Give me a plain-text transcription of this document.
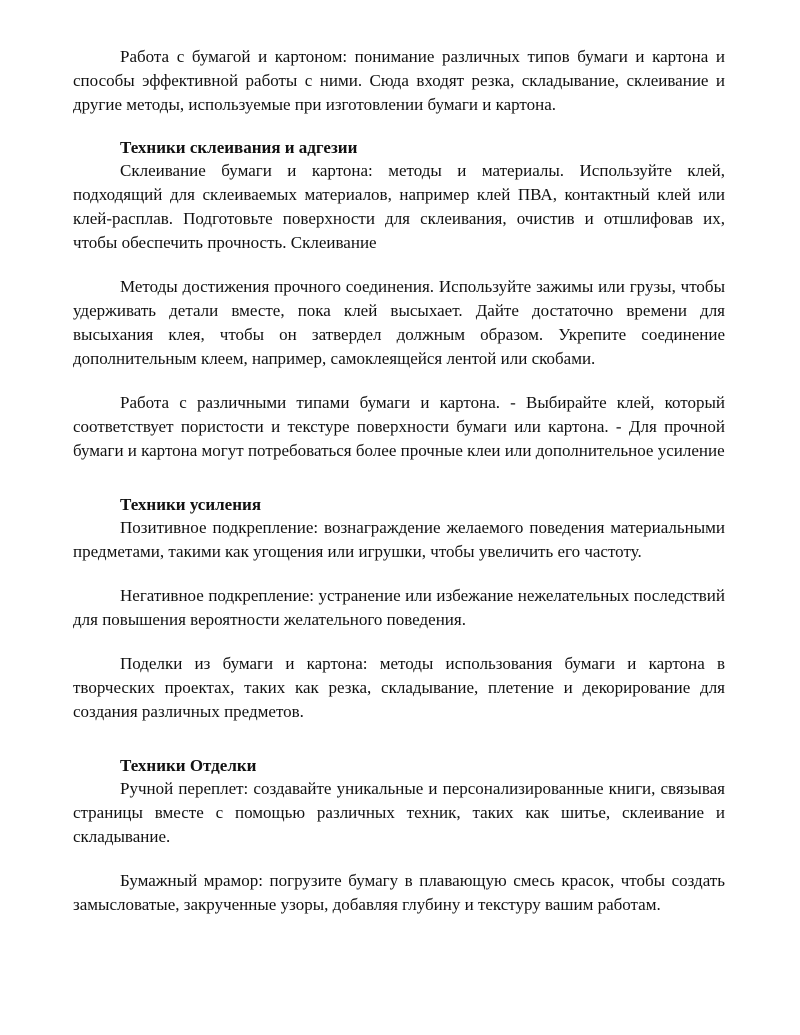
Работа с бумагой и картоном: понимание различных типов бумаги и картона и способы эффективной работы с ними. Сюда входят резка, складывание, склеивание и другие методы, используемые при изготовлении бумаги и картона.

Техники склеивания и адгезии

Склеивание бумаги и картона: методы и материалы. Используйте клей, подходящий для склеиваемых материалов, например клей ПВА, контактный клей или клей-расплав. Подготовьте поверхности для склеивания, очистив и отшлифовав их, чтобы обеспечить прочность. Склеивание

Методы достижения прочного соединения. Используйте зажимы или грузы, чтобы удерживать детали вместе, пока клей высыхает. Дайте достаточно времени для высыхания клея, чтобы он затвердел должным образом. Укрепите соединение дополнительным клеем, например, самоклеящейся лентой или скобами.

Работа с различными типами бумаги и картона. - Выбирайте клей, который соответствует пористости и текстуре поверхности бумаги или картона. - Для прочной бумаги и картона могут потребоваться более прочные клеи или дополнительное усиление

Техники усиления

Позитивное подкрепление: вознаграждение желаемого поведения материальными предметами, такими как угощения или игрушки, чтобы увеличить его частоту.

Негативное подкрепление: устранение или избежание нежелательных последствий для повышения вероятности желательного поведения.

Поделки из бумаги и картона: методы использования бумаги и картона в творческих проектах, таких как резка, складывание, плетение и декорирование для создания различных предметов.

Техники Отделки

Ручной переплет: создавайте уникальные и персонализированные книги, связывая страницы вместе с помощью различных техник, таких как шитье, склеивание и складывание.

Бумажный мрамор: погрузите бумагу в плавающую смесь красок, чтобы создать замысловатые, закрученные узоры, добавляя глубину и текстуру вашим работам.
